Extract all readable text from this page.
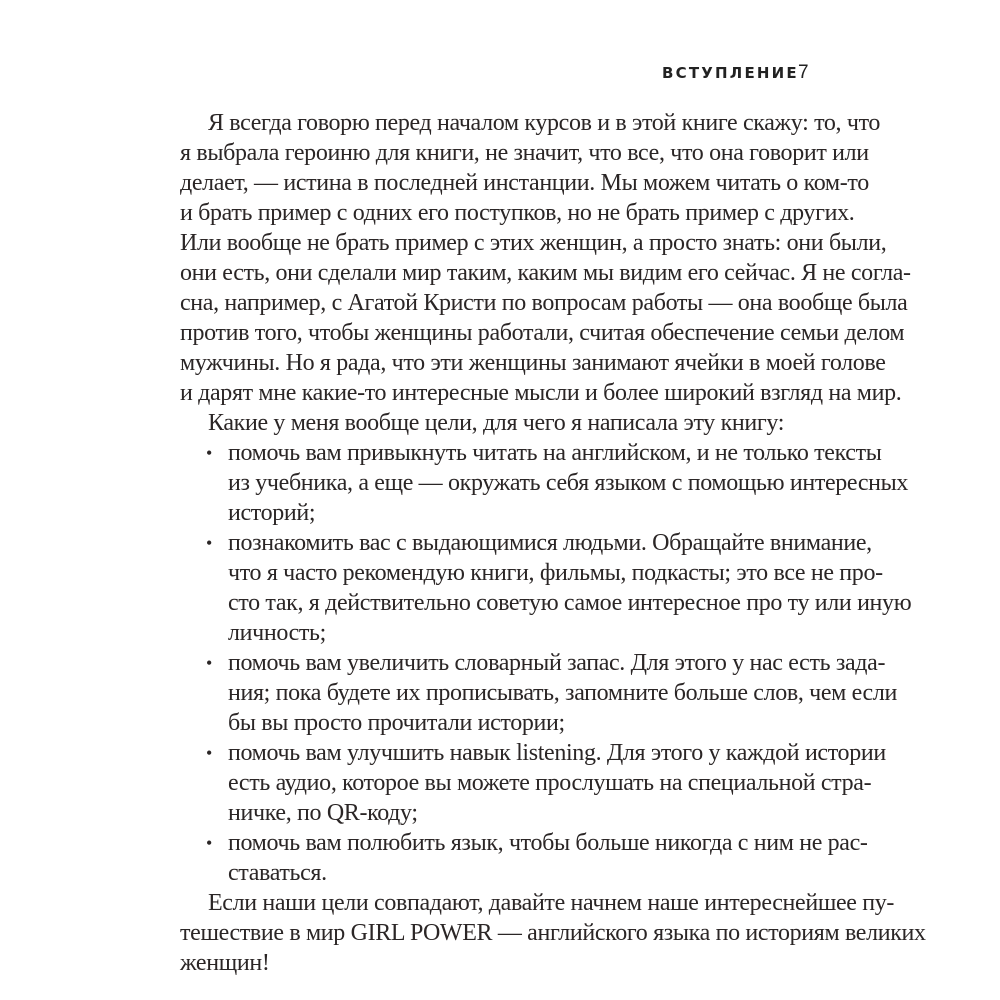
ВСТУПЛЕНИЕ 7
Я всегда говорю перед началом курсов и в этой книге скажу: то, что
я выбрала героиню для книги, не значит, что все, что она говорит или
делает, — истина в последней инстанции. Мы можем читать о ком-то
и брать пример с одних его поступков, но не брать пример с других.
Или вообще не брать пример с этих женщин, а просто знать: они были,
они есть, они сделали мир таким, каким мы видим его сейчас. Я не согла-
сна, например, с Агатой Кристи по вопросам работы — она вообще была
против того, чтобы женщины работали, считая обеспечение семьи делом
мужчины. Но я рада, что эти женщины занимают ячейки в моей голове
и дарят мне какие-то интересные мысли и более широкий взгляд на мир.
Какие у меня вообще цели, для чего я написала эту книгу:
• помочь вам привыкнуть читать на английском, и не только тексты
из учебника, а еще — окружать себя языком с помощью интересных
историй;
• познакомить вас с выдающимися людьми. Обращайте внимание,
что я часто рекомендую книги, фильмы, подкасты; это все не про-
сто так, я действительно советую самое интересное про ту или иную
личность;
• помочь вам увеличить словарный запас. Для этого у нас есть зада-
ния; пока будете их прописывать, запомните больше слов, чем если
бы вы просто прочитали истории;
• помочь вам улучшить навык listening. Для этого у каждой истории
есть аудио, которое вы можете прослушать на специальной стра-
ничке, по QR-коду;
• помочь вам полюбить язык, чтобы больше никогда с ним не рас-
ставаться.
Если наши цели совпадают, давайте начнем наше интереснейшее пу-
тешествие в мир GIRL POWER — английского языка по историям великих
женщин!
